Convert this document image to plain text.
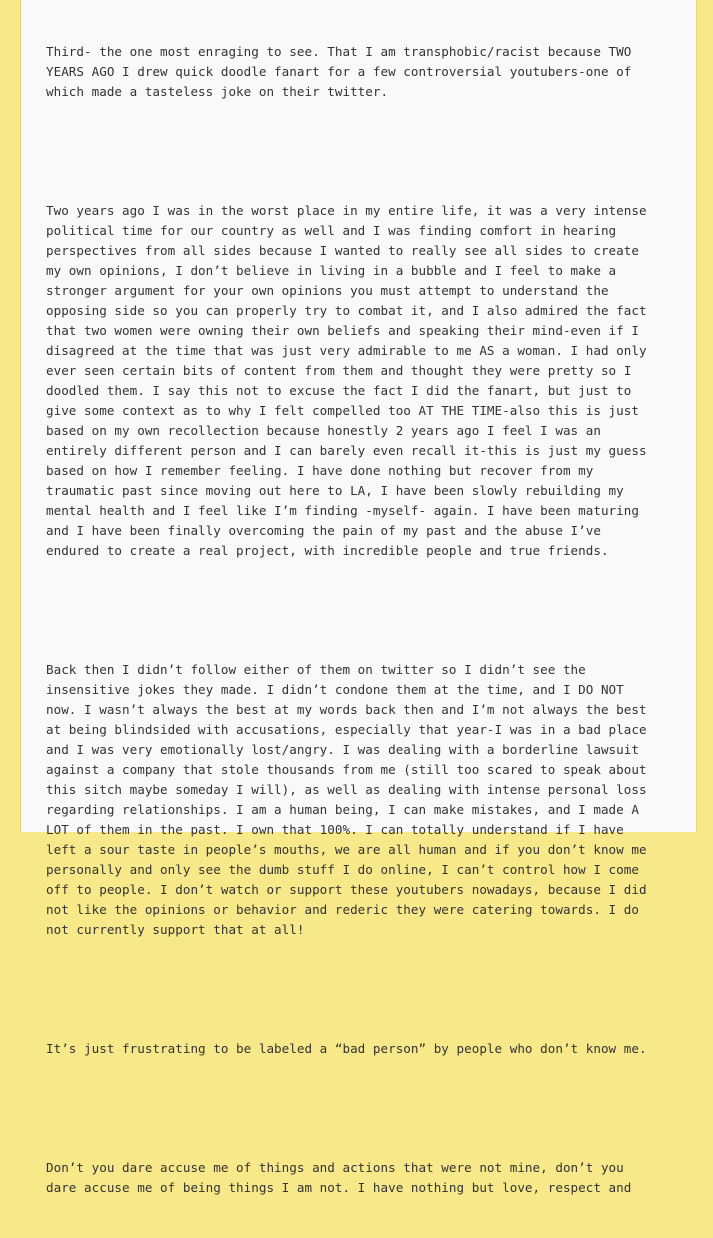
Third- the one most enraging to see. That I am transphobic/racist because TWO
YEARS AGO I drew quick doodle fanart for a few controversial youtubers-one of
which made a tasteless joke on their twitter.

Two years ago I was in the worst place in my entire life, it was a very intense
political time for our country as well and I was finding comfort in hearing
perspectives from all sides because I wanted to really see all sides to create
my own opinions, I don’t believe in living in a bubble and I feel to make a
stronger argument for your own opinions you must attempt to understand the
opposing side so you can properly try to combat it, and I also admired the fact
that two women were owning their own beliefs and speaking their mind-even if I
disagreed at the time that was just very admirable to me AS a woman. I had only
ever seen certain bits of content from them and thought they were pretty so I
doodled them. I say this not to excuse the fact I did the fanart, but just to
give some context as to why I felt compelled too AT THE TIME-also this is just
based on my own recollection because honestly 2 years ago I feel I was an
entirely different person and I can barely even recall it-this is just my guess
based on how I remember feeling. I have done nothing but recover from my
traumatic past since moving out here to LA, I have been slowly rebuilding my
mental health and I feel like I’m finding -myself- again. I have been maturing
and I have been finally overcoming the pain of my past and the abuse I’ve
endured to create a real project, with incredible people and true friends.

Back then I didn’t follow either of them on twitter so I didn’t see the
insensitive jokes they made. I didn’t condone them at the time, and I DO NOT
now. I wasn’t always the best at my words back then and I’m not always the best
at being blindsided with accusations, especially that year-I was in a bad place
and I was very emotionally lost/angry. I was dealing with a borderline lawsuit
against a company that stole thousands from me (still too scared to speak about
this sitch maybe someday I will), as well as dealing with intense personal loss
regarding relationships. I am a human being, I can make mistakes, and I made A
LOT of them in the past. I own that 100%. I can totally understand if I have
left a sour taste in people’s mouths, we are all human and if you don’t know me
personally and only see the dumb stuff I do online, I can’t control how I come
off to people. I don’t watch or support these youtubers nowadays, because I did
not like the opinions or behavior and rederic they were catering towards. I do
not currently support that at all!

It’s just frustrating to be labeled a “bad person” by people who don’t know me.

Don’t you dare accuse me of things and actions that were not mine, don’t you
dare accuse me of being things I am not. I have nothing but love, respect and
